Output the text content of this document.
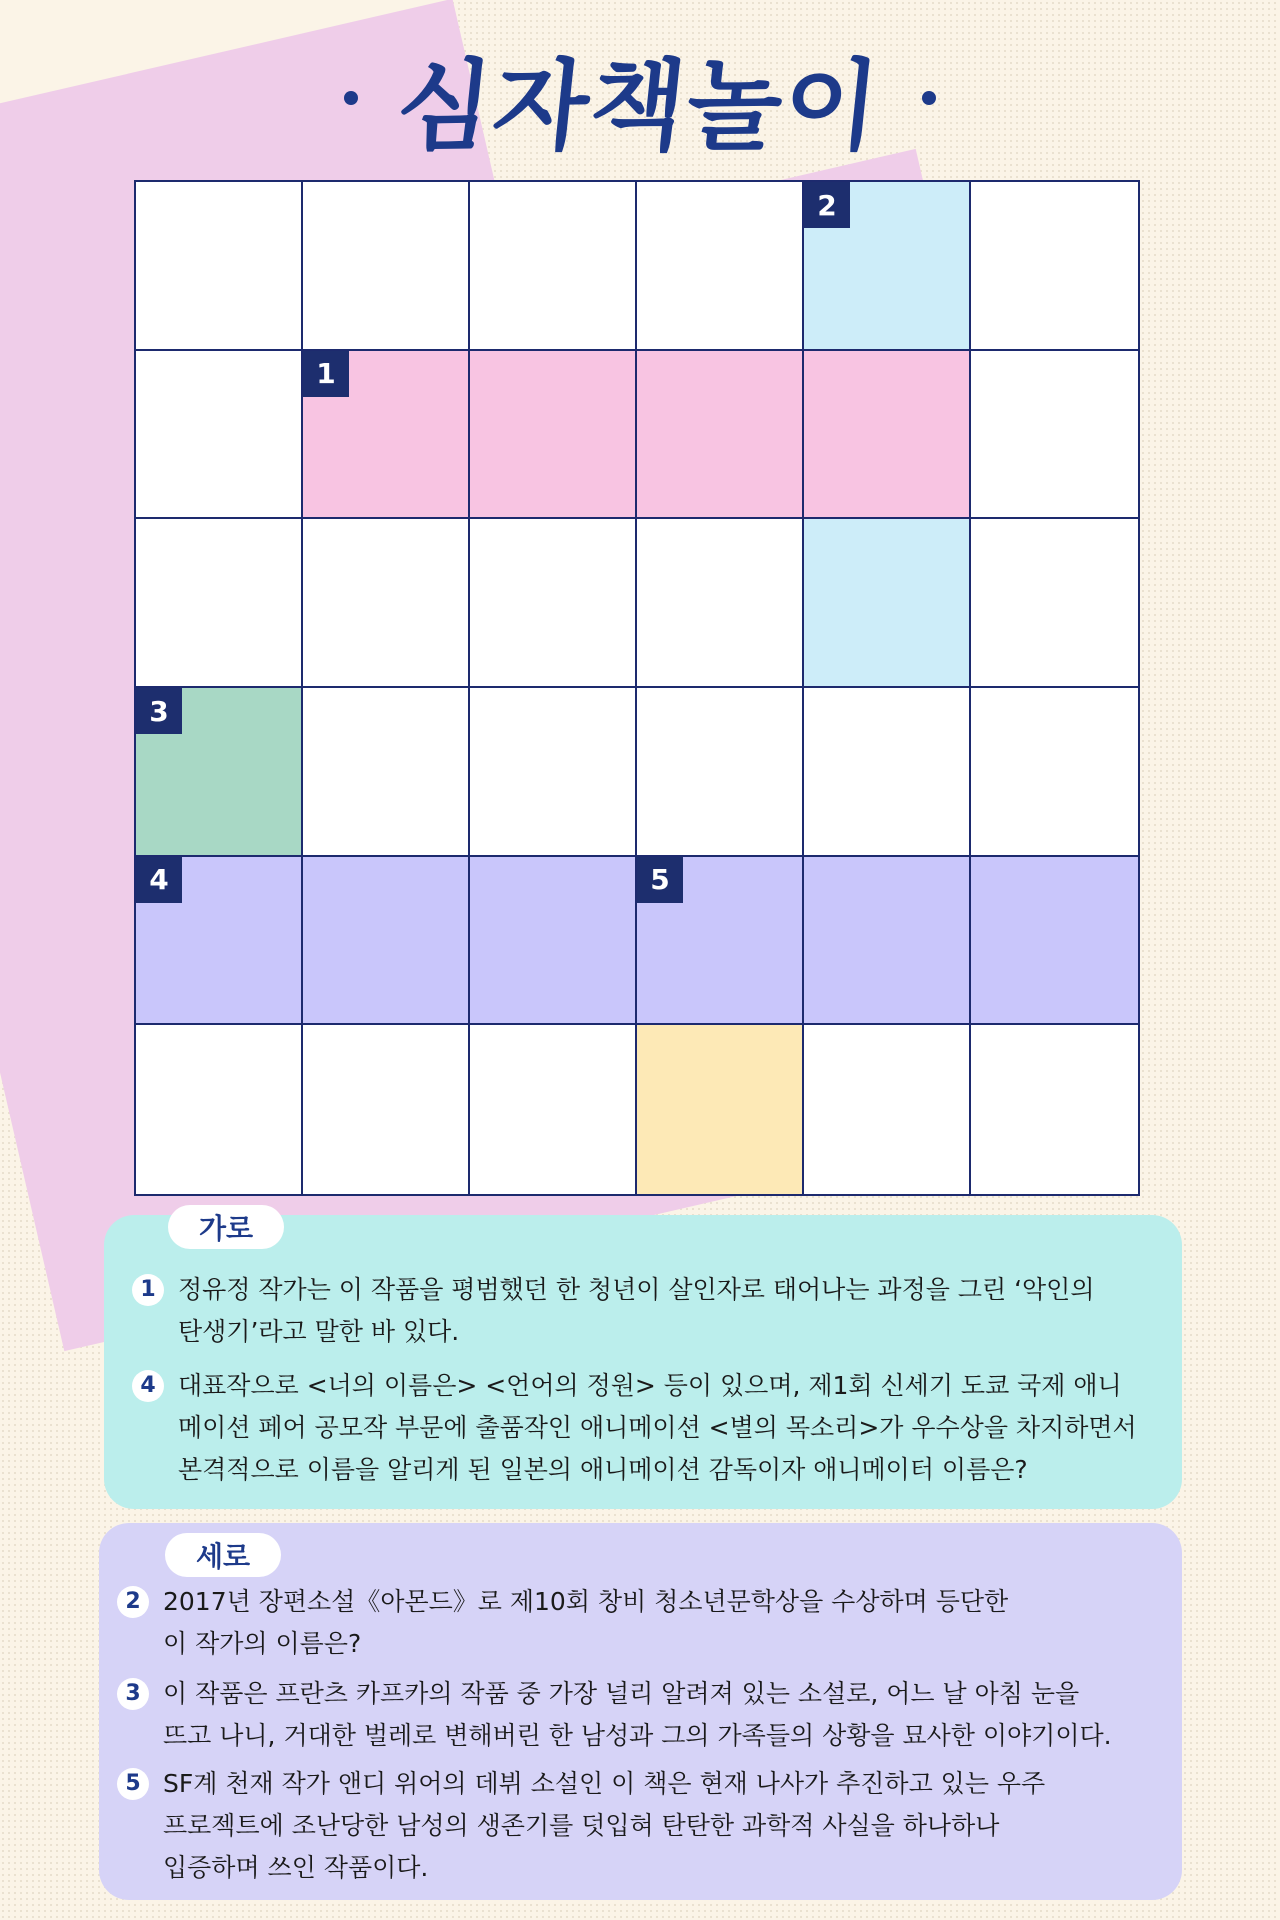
심자책놀이
2
1
3
4	5
가로
1 정유정 작가는 이 작품을 평범했던 한 청년이 살인자로 태어나는 과정을 그린 ‘악인의
탄생기’라고 말한 바 있다.
4 대표작으로 <너의 이름은> <언어의 정원> 등이 있으며, 제1회 신세기 도쿄 국제 애니
메이션 페어 공모작 부문에 출품작인 애니메이션 <별의 목소리>가 우수상을 차지하면서
본격적으로 이름을 알리게 된 일본의 애니메이션 감독이자 애니메이터 이름은?
세로
2 2017년 장편소설《아몬드》로 제10회 창비 청소년문학상을 수상하며 등단한
이 작가의 이름은?
3 이 작품은 프란츠 카프카의 작품 중 가장 널리 알려져 있는 소설로, 어느 날 아침 눈을
뜨고 나니, 거대한 벌레로 변해버린 한 남성과 그의 가족들의 상황을 묘사한 이야기이다.
5 SF계 천재 작가 앤디 위어의 데뷔 소설인 이 책은 현재 나사가 추진하고 있는 우주
프로젝트에 조난당한 남성의 생존기를 덧입혀 탄탄한 과학적 사실을 하나하나
입증하며 쓰인 작품이다.
